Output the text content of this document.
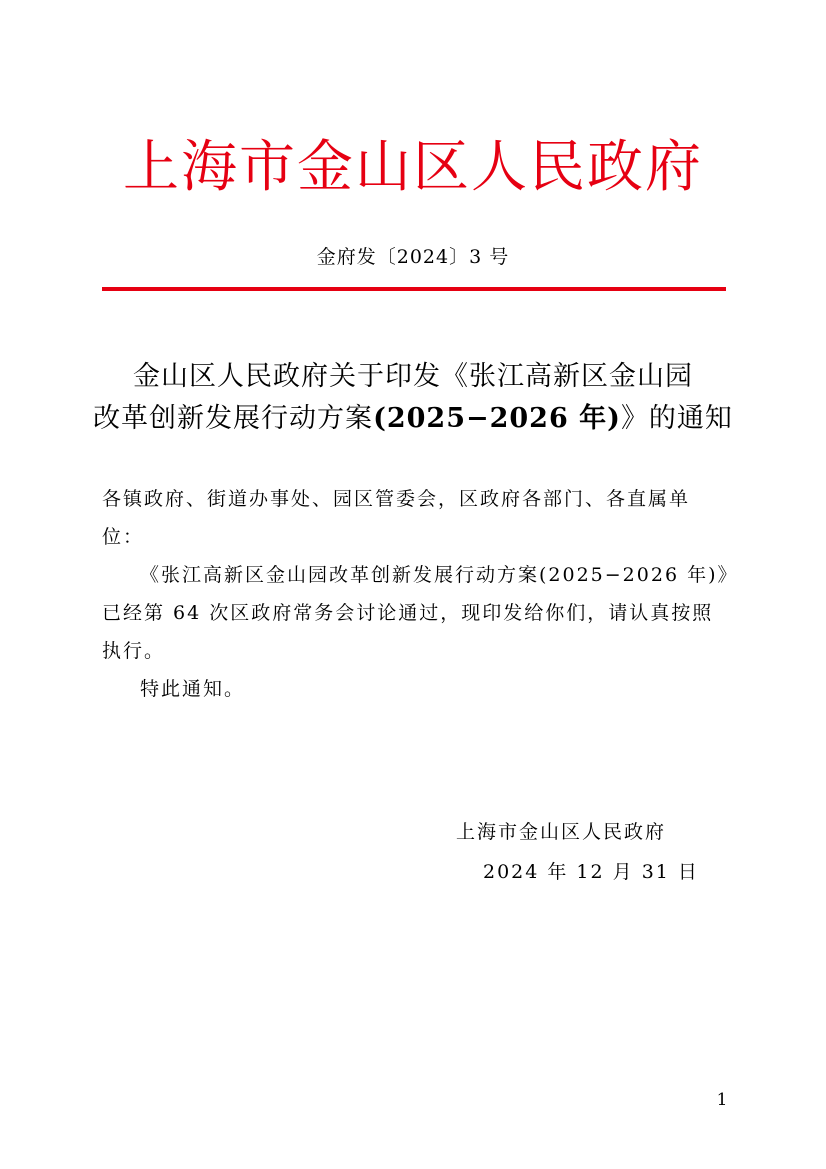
上海市金山区人民政府
金府发〔2024〕3 号
金山区人民政府关于印发《张江高新区金山园
改革创新发展行动方案(2025−2026 年)》的通知

各镇政府、街道办事处、园区管委会，区政府各部门、各直属单

位：

《张江高新区金山园改革创新发展行动方案(2025−2026 年)》

已经第 64 次区政府常务会讨论通过，现印发给你们，请认真按照

执行。

特此通知。

上海市金山区人民政府
2024 年 12 月 31 日
1
